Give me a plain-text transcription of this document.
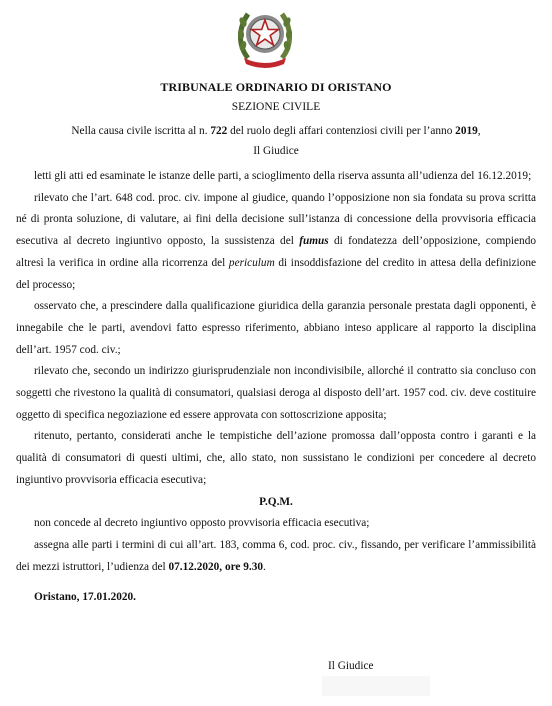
TRIBUNALE ORDINARIO DI ORISTANO
SEZIONE CIVILE
Nella causa civile iscritta al n. 722 del ruolo degli affari contenziosi civili per l’anno 2019,
Il Giudice

letti gli atti ed esaminate le istanze delle parti, a scioglimento della riserva assunta all’udienza del 16.12.2019;

rilevato che l’art. 648 cod. proc. civ. impone al giudice, quando l’opposizione non sia fondata su prova scritta né di pronta soluzione, di valutare, ai fini della decisione sull’istanza di concessione della provvisoria efficacia esecutiva al decreto ingiuntivo opposto, la sussistenza del fumus di fondatezza dell’opposizione, compiendo altresì la verifica in ordine alla ricorrenza del periculum di insoddisfazione del credito in attesa della definizione del processo;

osservato che, a prescindere dalla qualificazione giuridica della garanzia personale prestata dagli opponenti, è innegabile che le parti, avendovi fatto espresso riferimento, abbiano inteso applicare al rapporto la disciplina dell’art. 1957 cod. civ.;

rilevato che, secondo un indirizzo giurisprudenziale non incondivisibile, allorché il contratto sia concluso con soggetti che rivestono la qualità di consumatori, qualsiasi deroga al disposto dell’art. 1957 cod. civ. deve costituire oggetto di specifica negoziazione ed essere approvata con sottoscrizione apposita;

ritenuto, pertanto, considerati anche le tempistiche dell’azione promossa dall’opposta contro i garanti e la qualità di consumatori di questi ultimi, che, allo stato, non sussistano le condizioni per concedere al decreto ingiuntivo provvisoria efficacia esecutiva;

P.Q.M.

non concede al decreto ingiuntivo opposto provvisoria efficacia esecutiva;

assegna alle parti i termini di cui all’art. 183, comma 6, cod. proc. civ., fissando, per verificare l’ammissibilità dei mezzi istruttori, l’udienza del 07.12.2020, ore 9.30.

Oristano, 17.01.2020.

Il Giudice
